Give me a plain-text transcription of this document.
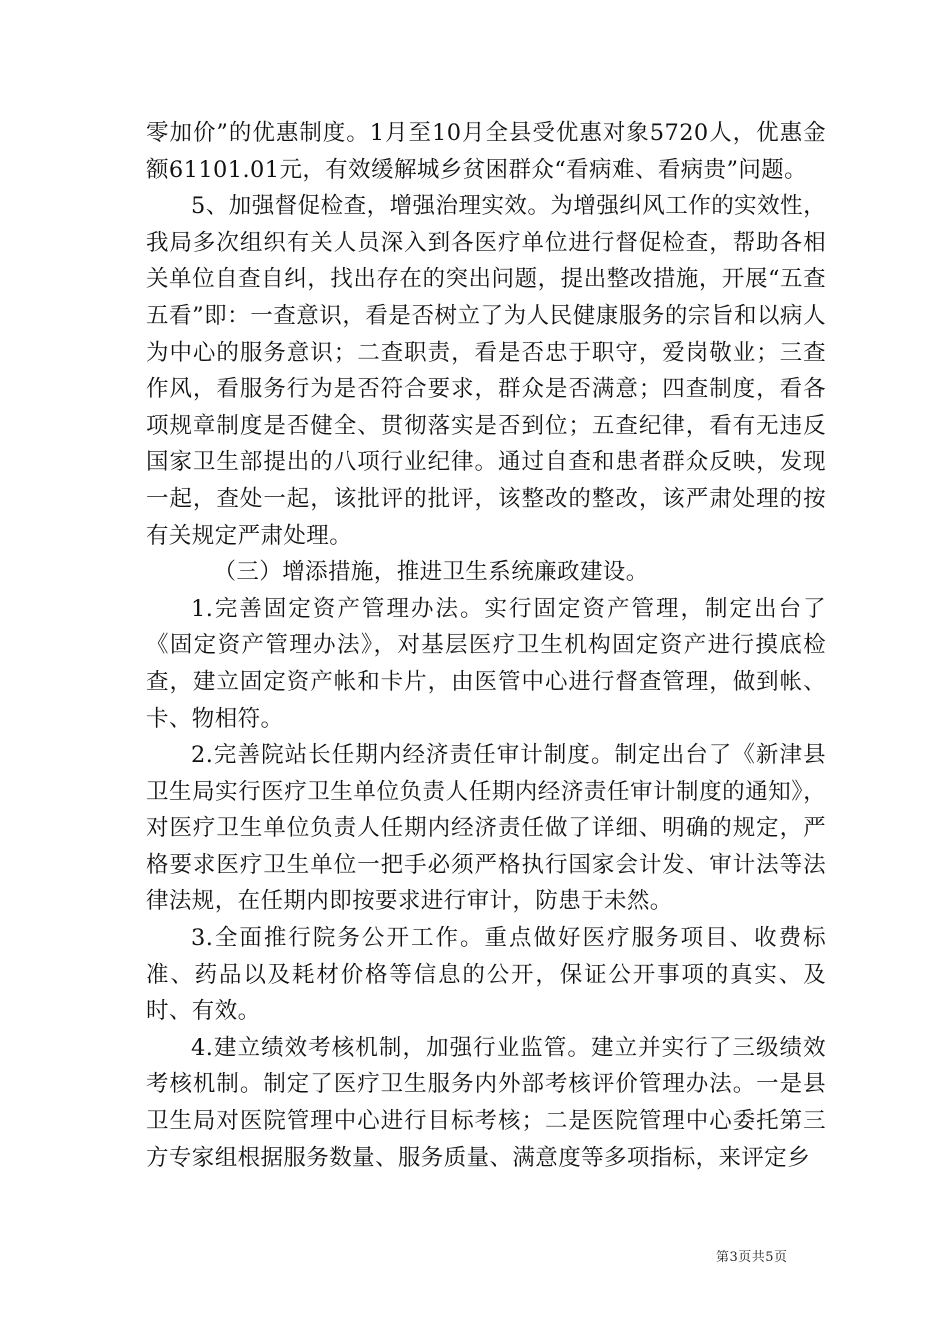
零加价”的优惠制度。1月至10月全县受优惠对象5720人，优惠金额61101.01元，有效缓解城乡贫困群众“看病难、看病贵”问题。

5、加强督促检查，增强治理实效。为增强纠风工作的实效性，我局多次组织有关人员深入到各医疗单位进行督促检查，帮助各相关单位自查自纠，找出存在的突出问题，提出整改措施，开展“五查五看”即：一查意识，看是否树立了为人民健康服务的宗旨和以病人为中心的服务意识；二查职责，看是否忠于职守，爱岗敬业；三查作风，看服务行为是否符合要求，群众是否满意；四查制度，看各项规章制度是否健全、贯彻落实是否到位；五查纪律，看有无违反国家卫生部提出的八项行业纪律。通过自查和患者群众反映，发现一起，查处一起，该批评的批评，该整改的整改，该严肃处理的按有关规定严肃处理。

（三）增添措施，推进卫生系统廉政建设。

1.完善固定资产管理办法。实行固定资产管理，制定出台了《固定资产管理办法》，对基层医疗卫生机构固定资产进行摸底检查，建立固定资产帐和卡片，由医管中心进行督查管理，做到帐、卡、物相符。

2.完善院站长任期内经济责任审计制度。制定出台了《新津县卫生局实行医疗卫生单位负责人任期内经济责任审计制度的通知》，对医疗卫生单位负责人任期内经济责任做了详细、明确的规定，严格要求医疗卫生单位一把手必须严格执行国家会计发、审计法等法律法规，在任期内即按要求进行审计，防患于未然。

3.全面推行院务公开工作。重点做好医疗服务项目、收费标准、药品以及耗材价格等信息的公开，保证公开事项的真实、及时、有效。

4.建立绩效考核机制，加强行业监管。建立并实行了三级绩效考核机制。制定了医疗卫生服务内外部考核评价管理办法。一是县卫生局对医院管理中心进行目标考核；二是医院管理中心委托第三方专家组根据服务数量、服务质量、满意度等多项指标，来评定乡

第3页共5页
